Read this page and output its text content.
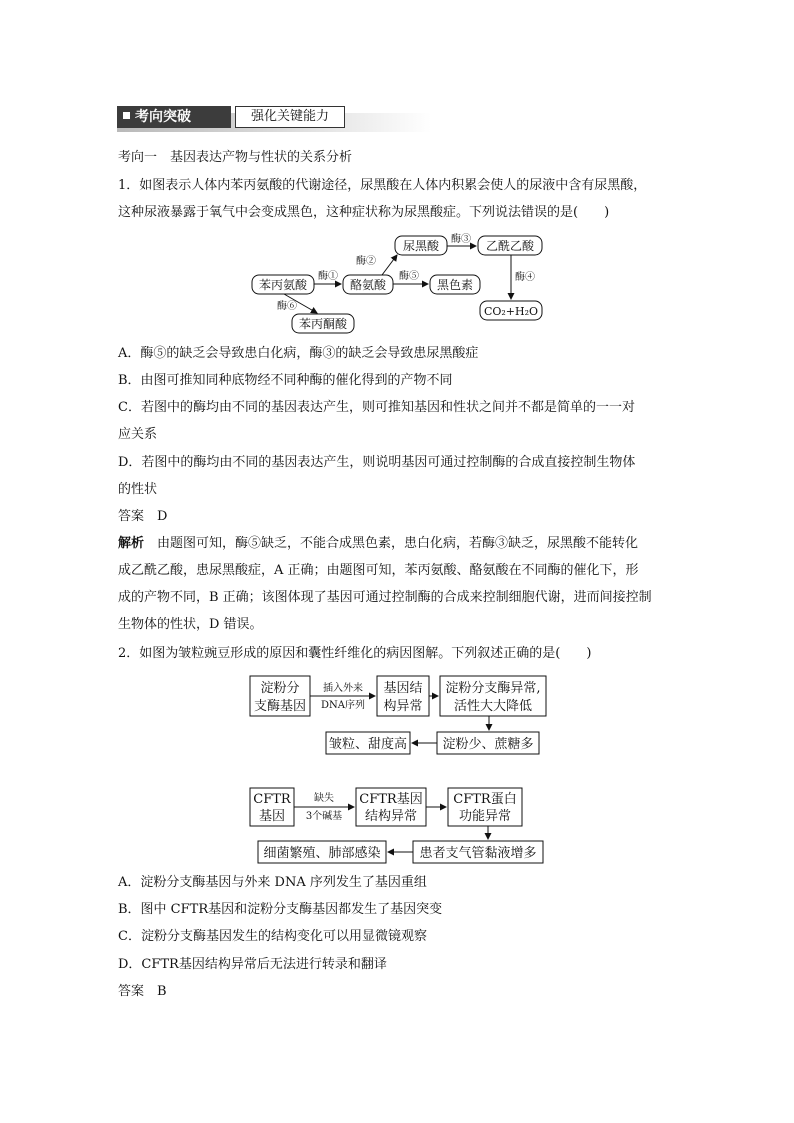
考向突破	强化关键能力
考向一　 基因表达产物与性状的关系分析
1．如图表示人体内苯丙氨酸的代谢途径，尿黑酸在人体内积累会使人的尿液中含有尿黑酸，
这种尿液暴露于氧气中会变成黑色，这种症状称为尿黑酸症。下列说法错误的是(　　)
苯丙氨酸	酪氨酸
尿黑酸	乙酰乙酸
黑色素
CO₂+H₂O
苯丙酮酸
酶①
酶②
酶③
酶④
酶⑤
酶⑥
A．酶⑤的缺乏会导致患白化病，酶③的缺乏会导致患尿黑酸症
B．由图可推知同种底物经不同种酶的催化得到的产物不同
C．若图中的酶均由不同的基因表达产生，则可推知基因和性状之间并不都是简单的一一对
应关系
D．若图中的酶均由不同的基因表达产生，则说明基因可通过控制酶的合成直接控制生物体
的性状
答案　D
解析　由题图可知，酶⑤缺乏，不能合成黑色素，患白化病，若酶③缺乏，尿黑酸不能转化
成乙酰乙酸，患尿黑酸症，A 正确；由题图可知，苯丙氨酸、酪氨酸在不同酶的催化下，形
成的产物不同，B 正确；该图体现了基因可通过控制酶的合成来控制细胞代谢，进而间接控制
生物体的性状，D 错误。
2．如图为皱粒豌豆形成的原因和囊性纤维化的病因图解。下列叙述正确的是(　　)
淀粉分
支酶基因
基因结
构异常
淀粉分支酶异常,
活性大大降低
淀粉少、蔗糖多
皱粒、甜度高
插入外来
DNA序列
CFTR
基因
CFTR基因
结构异常
CFTR蛋白
功能异常
患者支气管黏液增多
细菌繁殖、肺部感染
缺失
3个碱基
A．淀粉分支酶基因与外来 DNA 序列发生了基因重组
B．图中 CFTR基因和淀粉分支酶基因都发生了基因突变
C．淀粉分支酶基因发生的结构变化可以用显微镜观察
D．CFTR基因结构异常后无法进行转录和翻译
答案　B
